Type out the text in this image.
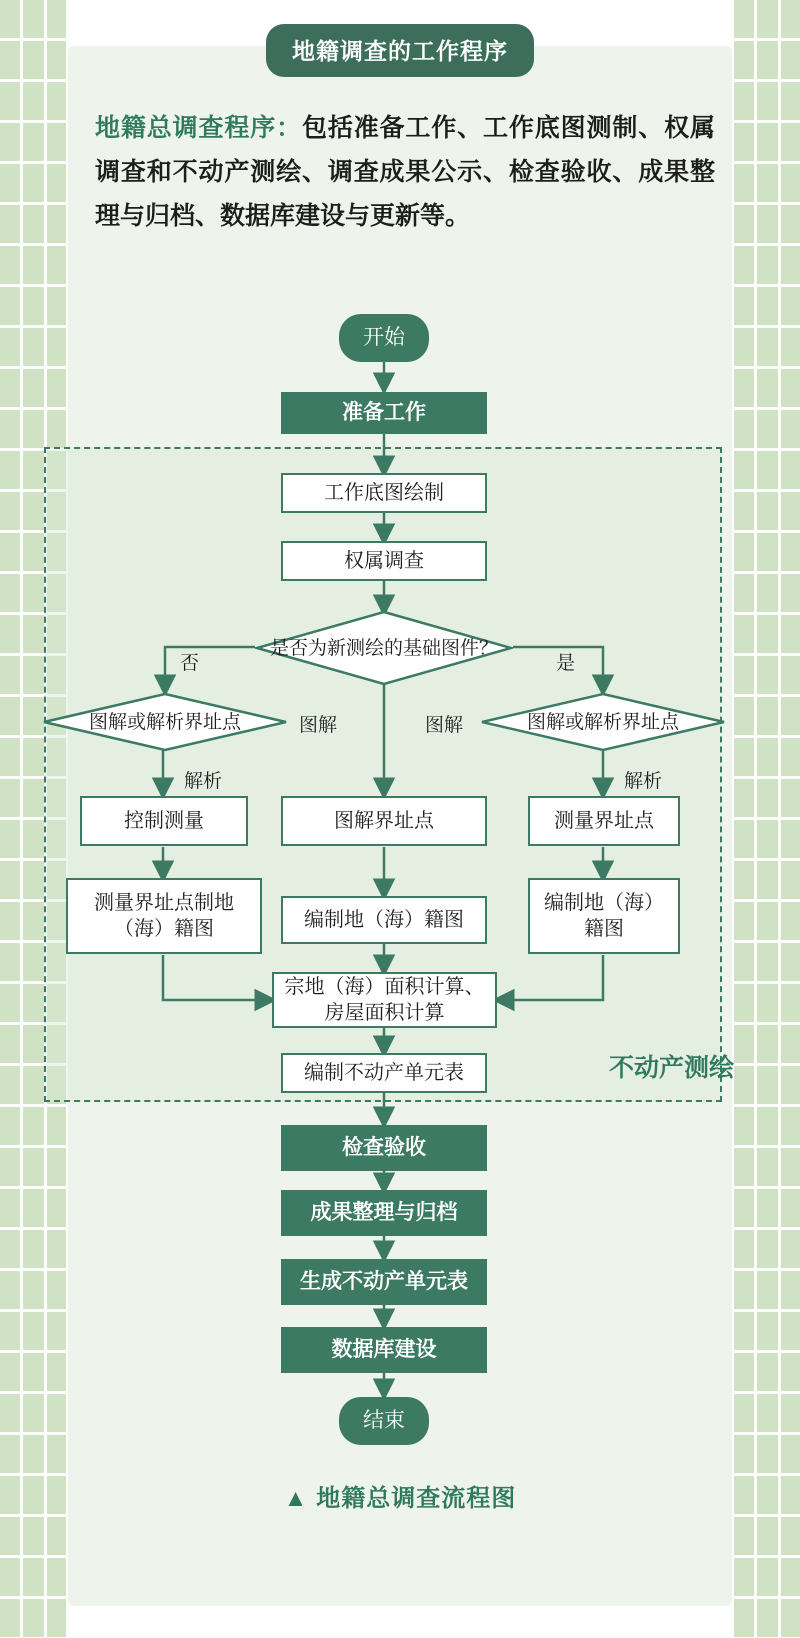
地籍调查的工作程序
地籍总调查程序：包括准备工作、工作底图测制、权属调查和不动产测绘、调查成果公示、检查验收、成果整理与归档、数据库建设与更新等。
不动产测绘
开始
准备工作
工作底图绘制
权属调查
是否为新测绘的基础图件？
图解或解析界址点	图解或解析界址点
否	是
图解	图解
解析	解析
控制测量	图解界址点	测量界址点
测量界址点制地（海）籍图	编制地（海）籍图
编制地（海）籍图
宗地（海）面积计算、房屋面积计算
编制不动产单元表
检查验收
成果整理与归档
生成不动产单元表
数据库建设
结束
▲ 地籍总调查流程图
